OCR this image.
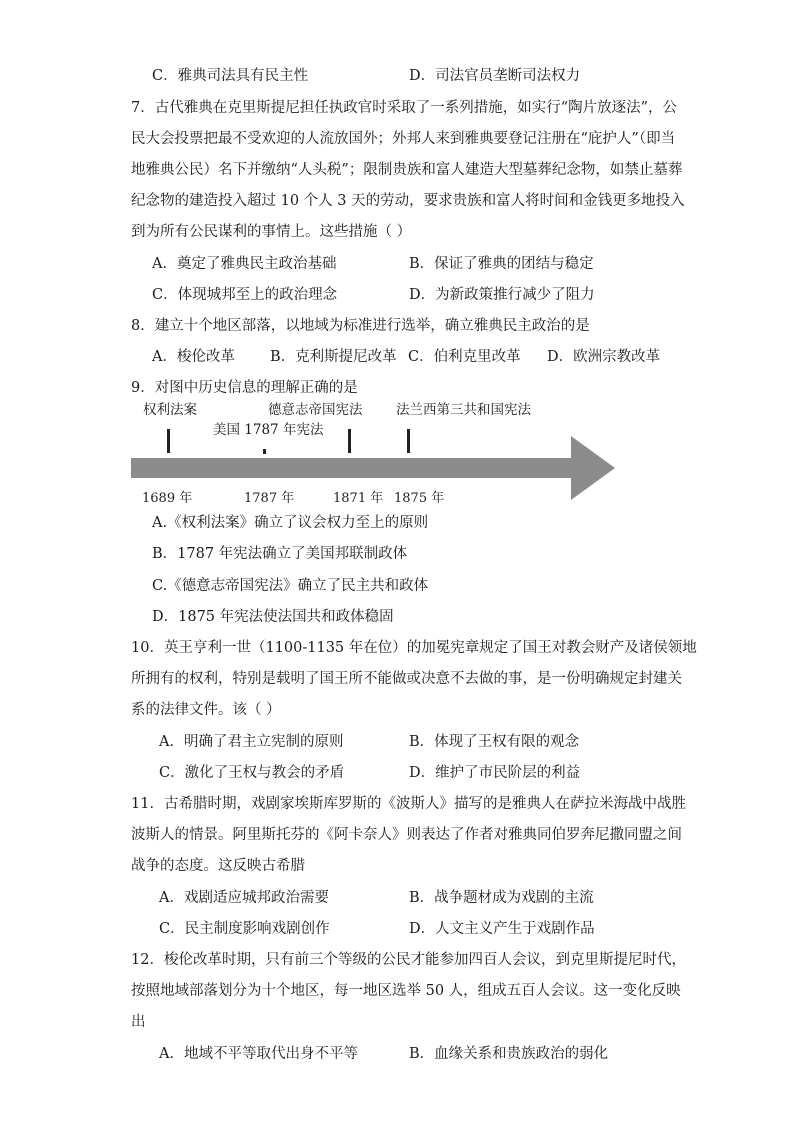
C．雅典司法具有民主性	D．司法官员垄断司法权力
7．古代雅典在克里斯提尼担任执政官时采取了一系列措施，如实行“陶片放逐法”，公
民大会投票把最不受欢迎的人流放国外；外邦人来到雅典要登记注册在“庇护人”（即当
地雅典公民）名下并缴纳“人头税”；限制贵族和富人建造大型墓葬纪念物，如禁止墓葬
纪念物的建造投入超过 10 个人 3 天的劳动，要求贵族和富人将时间和金钱更多地投入
到为所有公民谋利的事情上。这些措施（ ）
A．奠定了雅典民主政治基础	B．保证了雅典的团结与稳定
C．体现城邦至上的政治理念	D．为新政策推行减少了阻力
8．建立十个地区部落，以地域为标准进行选举，确立雅典民主政治的是
A．梭伦改革 B．克利斯提尼改革 C．伯利克里改革 D．欧洲宗教改革
9．对图中历史信息的理解正确的是
权利法案
美国 1787 年宪法
德意志帝国宪法 法兰西第三共和国宪法
1689 年	1787 年	1871 年 1875 年
A.《权利法案》确立了议会权力至上的原则
B．1787 年宪法确立了美国邦联制政体
C.《德意志帝国宪法》确立了民主共和政体
D．1875 年宪法使法国共和政体稳固
10．英王亨利一世（1100-1135 年在位）的加冕宪章规定了国王对教会财产及诸侯领地
所拥有的权利，特别是载明了国王所不能做或决意不去做的事，是一份明确规定封建关
系的法律文件。该（ ）
A．明确了君主立宪制的原则	B．体现了王权有限的观念
C．激化了王权与教会的矛盾	D．维护了市民阶层的利益
11．古希腊时期，戏剧家埃斯库罗斯的《波斯人》描写的是雅典人在萨拉米海战中战胜
波斯人的情景。阿里斯托芬的《阿卡奈人》则表达了作者对雅典同伯罗奔尼撒同盟之间
战争的态度。这反映古希腊
A．戏剧适应城邦政治需要	B．战争题材成为戏剧的主流
C．民主制度影响戏剧创作	D．人文主义产生于戏剧作品
12．梭伦改革时期，只有前三个等级的公民才能参加四百人会议，到克里斯提尼时代，
按照地域部落划分为十个地区，每一地区选举 50 人，组成五百人会议。这一变化反映
出
A．地域不平等取代出身不平等	B．血缘关系和贵族政治的弱化
